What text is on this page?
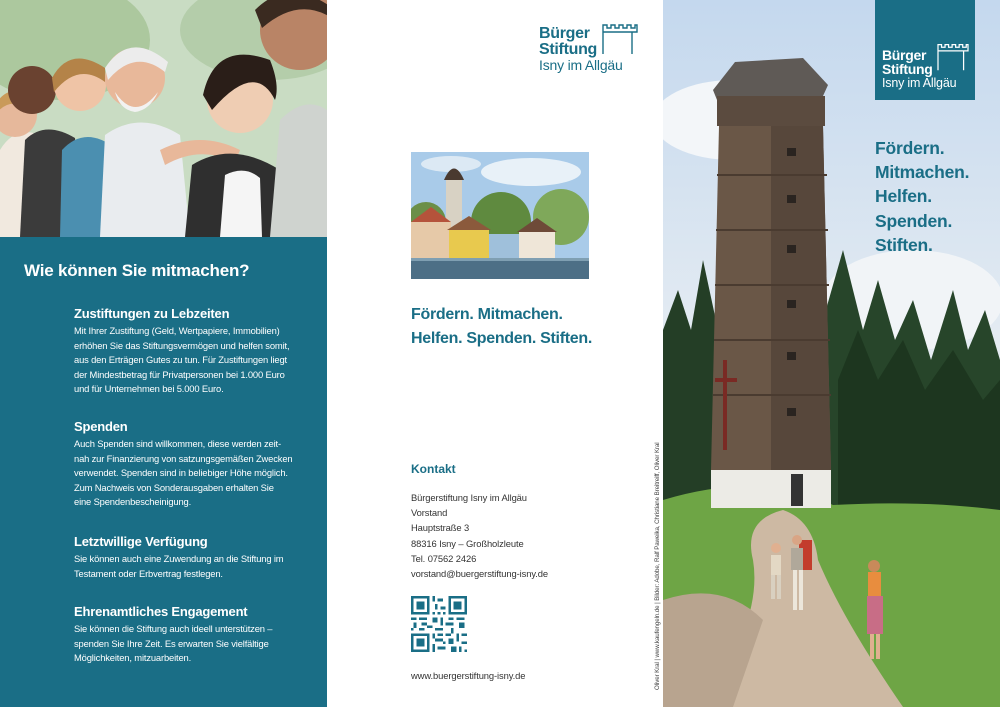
Wie können Sie mitmachen?
Zustiftungen zu Lebzeiten

Mit Ihrer Zustiftung (Geld, Wertpapiere, Immobilien)
erhöhen Sie das Stiftungsvermögen und helfen somit,
aus den Erträgen Gutes zu tun. Für Zustiftungen liegt
der Mindestbetrag für Privatpersonen bei 1.000 Euro
und für Unternehmen bei 5.000 Euro.

Spenden

Auch Spenden sind willkommen, diese werden zeit-
nah zur Finanzierung von satzungsgemäßen Zwecken
verwendet. Spenden sind in beliebiger Höhe möglich.
Zum Nachweis von Sonderausgaben erhalten Sie
eine Spendenbescheinigung.

Letztwillige Verfügung

Sie können auch eine Zuwendung an die Stiftung im
Testament oder Erbvertrag festlegen.

Ehrenamtliches Engagement

Sie können die Stiftung auch ideell unterstützen –
spenden Sie Ihre Zeit. Es erwarten Sie vielfältige
Möglichkeiten, mitzuarbeiten.

Bürger
Stiftung
Isny im Allgäu
Fördern. Mitmachen.
Helfen. Spenden. Stiften.
Kontakt
Bürgerstiftung Isny im Allgäu
Vorstand
Hauptstraße 3
88316 Isny – Großholzleute
Tel. 07562 2426
vorstand@buergerstiftung-isny.de
www.buergerstiftung-isny.de	Oliver Kral | www.kaufengeln.de | Bilder: Adobe, Ralf Paweika, Christiane Breitreiff, Oliver Kral
Bürger
Stiftung
Isny im Allgäu
Fördern.
Mitmachen.
Helfen.
Spenden.
Stiften.
